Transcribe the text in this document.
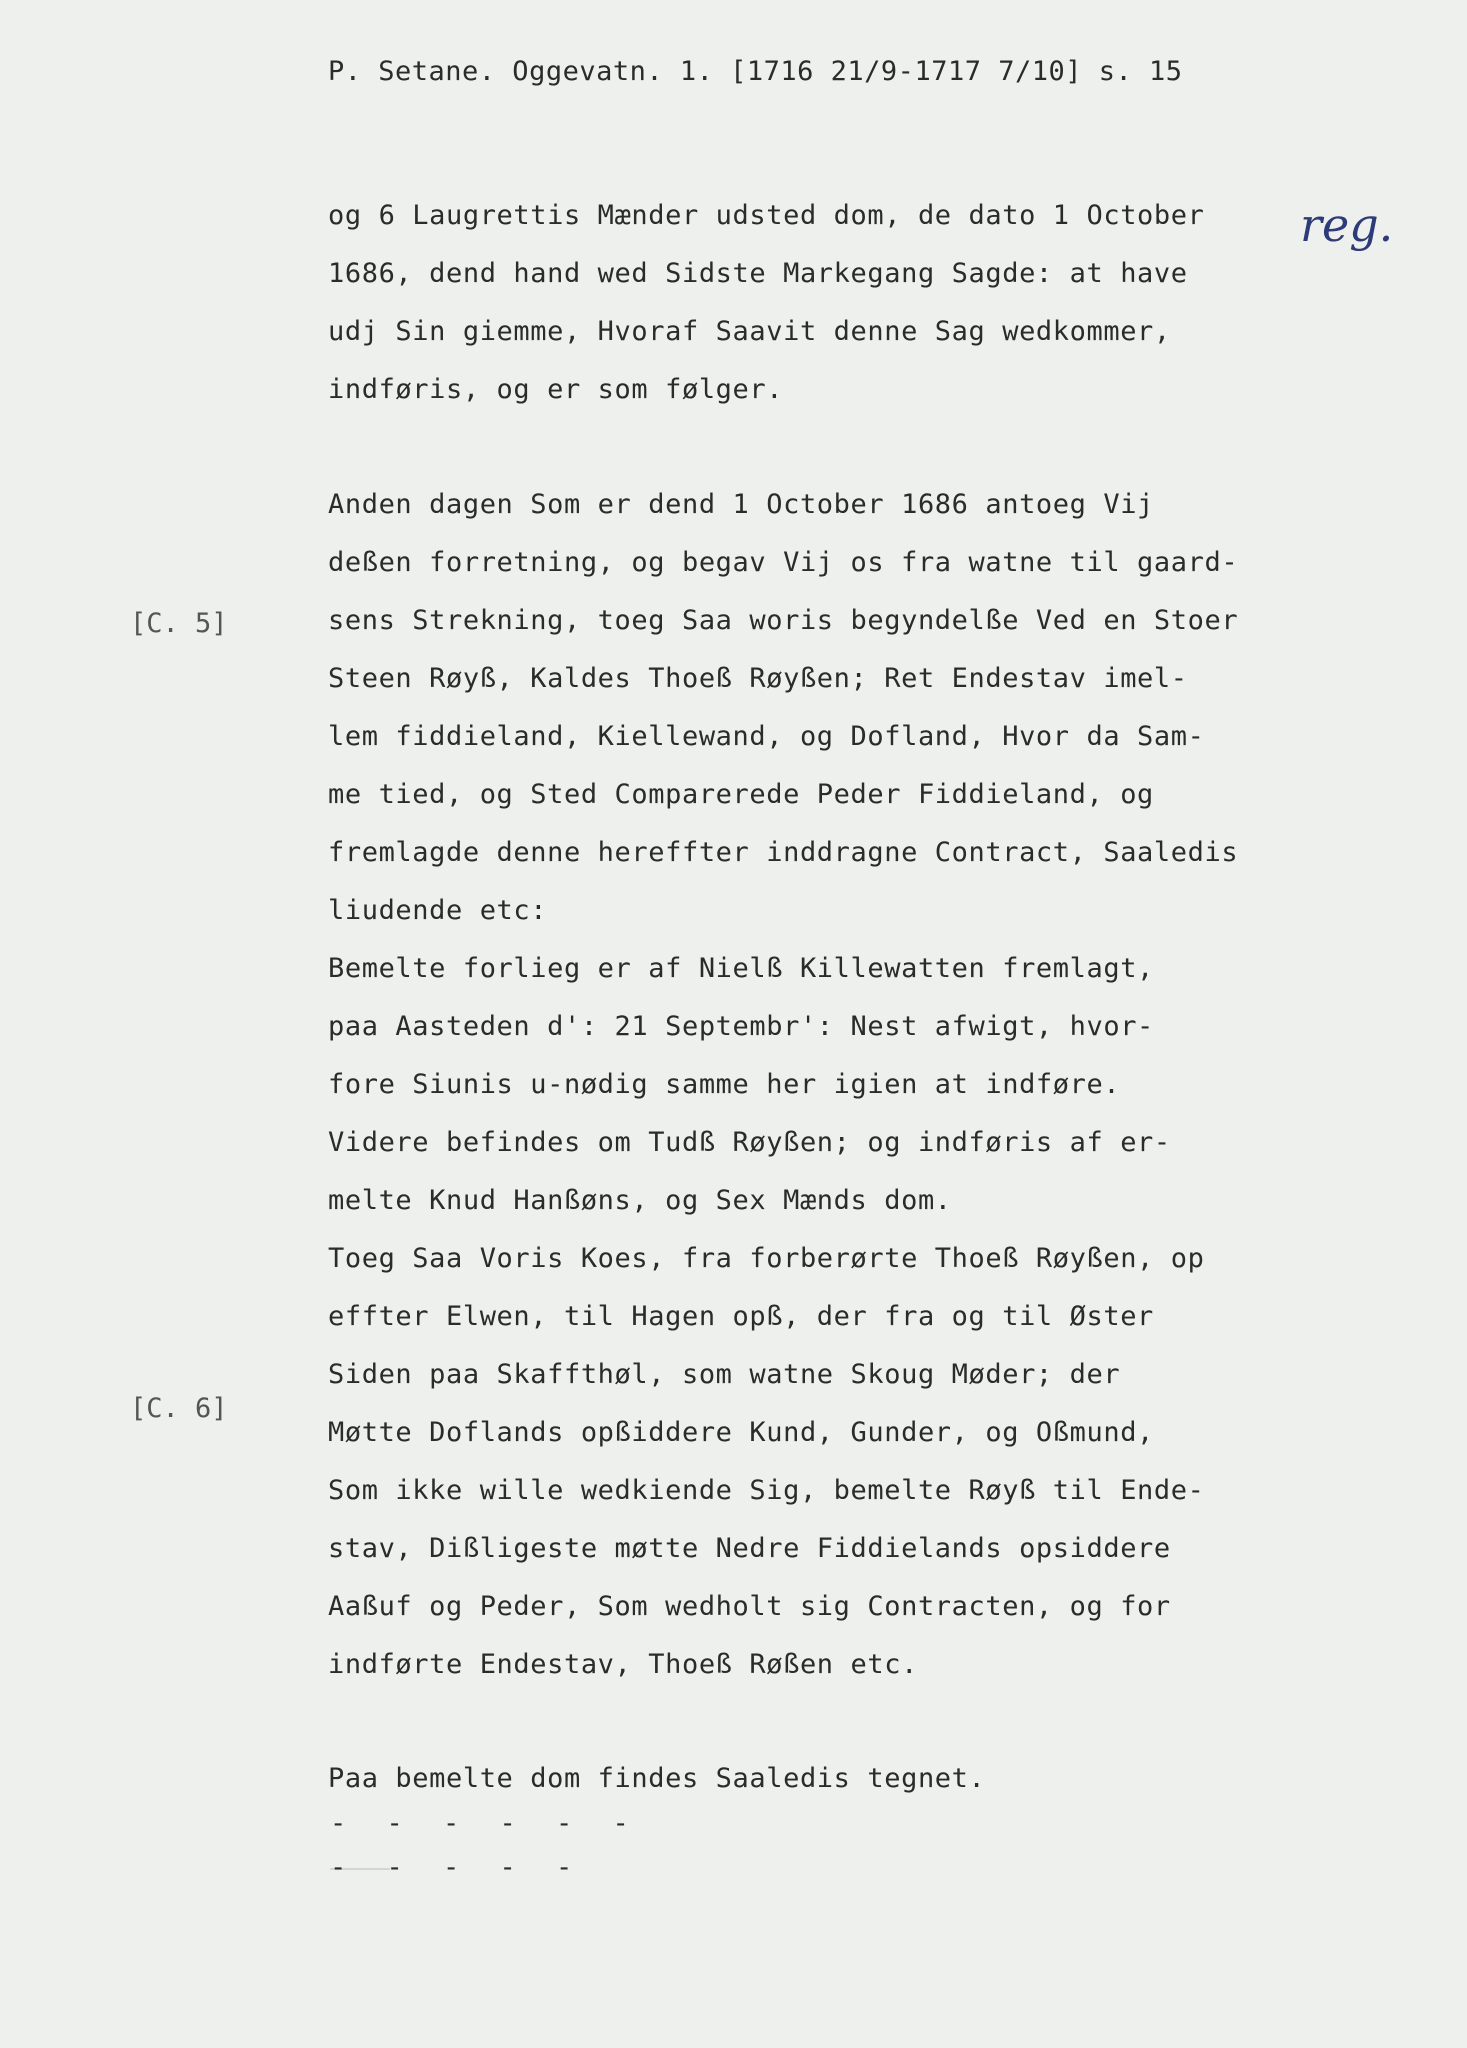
P. Setane. Oggevatn. 1. [1716 21/9-1717 7/10] s. 15
reg.
[C. 5]
[C. 6]
og 6 Laugrettis Mænder udsted dom, de dato 1 October
1686, dend hand wed Sidste Markegang Sagde: at have
udj Sin giemme, Hvoraf Saavit denne Sag wedkommer,
indføris, og er som følger.
Anden dagen Som er dend 1 October 1686 antoeg Vij
deßen forretning, og begav Vij os fra watne til gaard-
sens Strekning, toeg Saa woris begyndelße Ved en Stoer
Steen Røyß, Kaldes Thoeß Røyßen; Ret Endestav imel-
lem fiddieland, Kiellewand, og Dofland, Hvor da Sam-
me tied, og Sted Comparerede Peder Fiddieland, og
fremlagde denne hereffter inddragne Contract, Saaledis
liudende etc:
Bemelte forlieg er af Nielß Killewatten fremlagt,
paa Aasteden d': 21 Septembr': Nest afwigt, hvor-
fore Siunis u-nødig samme her igien at indføre.
Videre befindes om Tudß Røyßen; og indføris af er-
melte Knud Hanßøns, og Sex Mænds dom.
Toeg Saa Voris Koes, fra forberørte Thoeß Røyßen, op
effter Elwen, til Hagen opß, der fra og til Øster
Siden paa Skaffthøl, som watne Skoug Møder; der
Møtte Doflands opßiddere Kund, Gunder, og Oßmund,
Som ikke wille wedkiende Sig, bemelte Røyß til Ende-
stav, Dißligeste møtte Nedre Fiddielands opsiddere
Aaßuf og Peder, Som wedholt sig Contracten, og for
indførte Endestav, Thoeß Røßen etc.
Paa bemelte dom findes Saaledis tegnet.
- - - - - -
- - - - -
